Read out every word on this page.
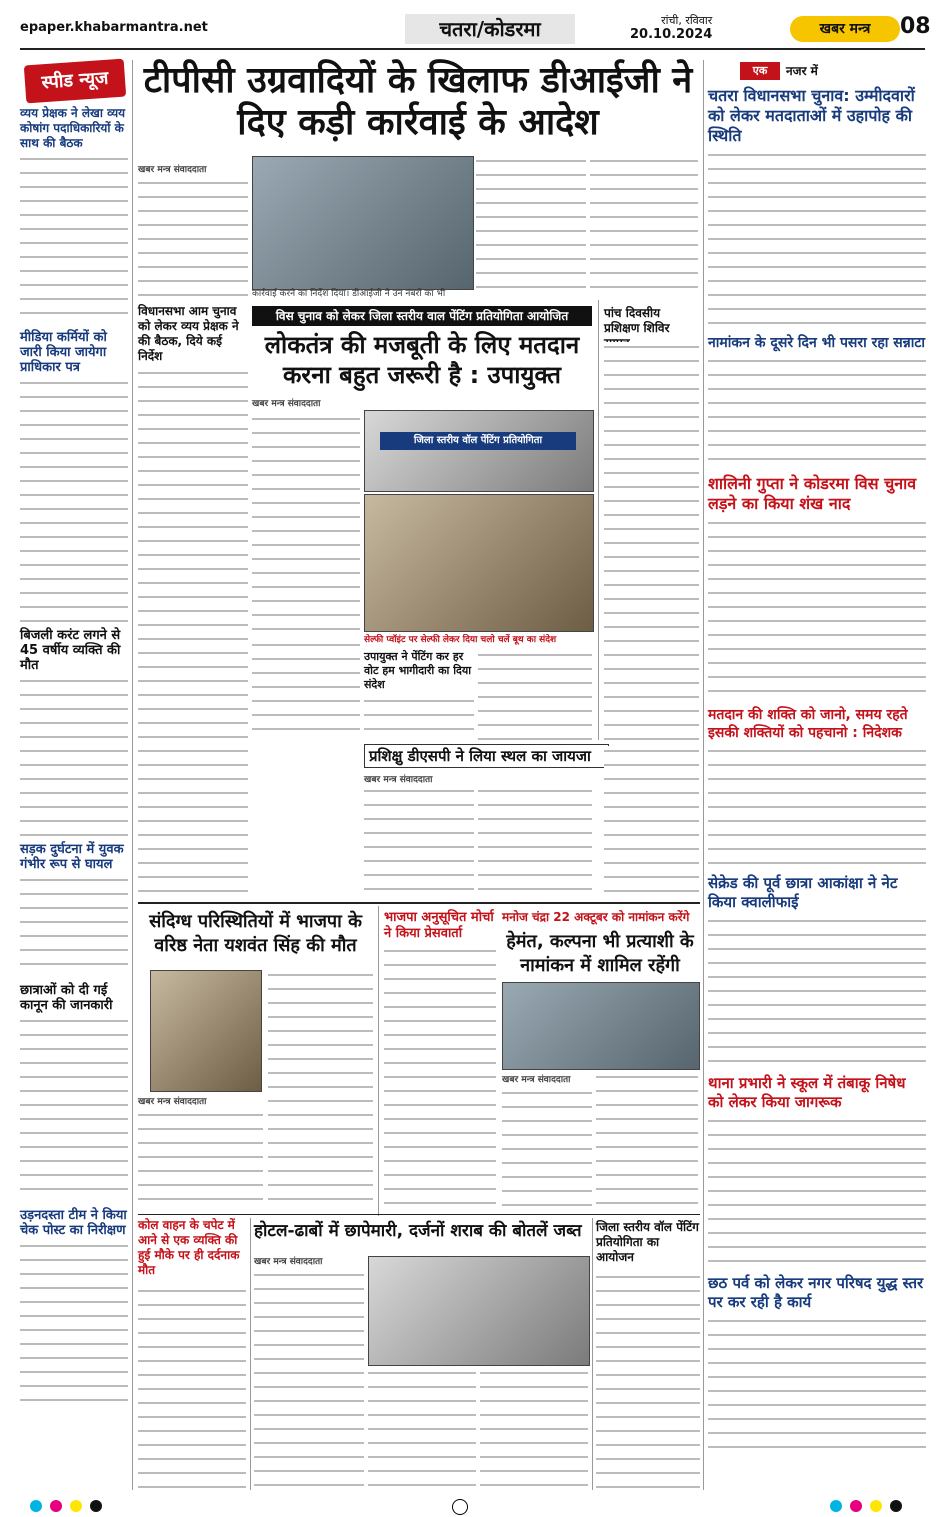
epaper.khabarmantra.net	चतरा/कोडरमा	रांची, रविवार
20.10.2024	खबर मन्त्र	08
स्पीड न्यूज
व्यय प्रेक्षक ने लेखा व्यय कोषांग पदाधिकारियों के साथ की बैठक
मीडिया कर्मियों को जारी किया जायेगा प्राधिकार पत्र
बिजली करंट लगने से 45 वर्षीय व्यक्ति की मौत
सड़क दुर्घटना में युवक गंभीर रूप से घायल
छात्राओं को दी गई कानून की जानकारी
उड़नदस्ता टीम ने किया चेक पोस्ट का निरीक्षण
टीपीसी उग्रवादियों के खिलाफ डीआईजी ने दिए कड़ी कार्रवाई के आदेश
खबर मन्त्र संवाददाता
कार्रवाई करने का निर्देश दिया। डीआईजी ने उन नंबरों का भी
विधानसभा आम चुनाव को लेकर व्यय प्रेक्षक ने की बैठक, दिये कई निर्देश
विस चुनाव को लेकर जिला स्तरीय वाल पेंटिंग प्रतियोगिता आयोजित
लोकतंत्र की मजबूती के लिए मतदान करना बहुत जरूरी है : उपायुक्त
खबर मन्त्र संवाददाता
जिला स्तरीय वॉल पेंटिंग प्रतियोगिता
सेल्फी प्वॉइंट पर सेल्फी लेकर दिया चलो चलें बूथ का संदेश
उपायुक्त ने पेंटिंग कर हर वोट हम भागीदारी का दिया संदेश
पांच दिवसीय प्रशिक्षण शिविर
प्रशिक्षु डीएसपी ने लिया स्थल का जायजा
खबर मन्त्र संवाददाता
संदिग्ध परिस्थितियों में भाजपा के वरिष्ठ नेता यशवंत सिंह की मौत
खबर मन्त्र संवाददाता
भाजपा अनुसूचित मोर्चा ने किया प्रेसवार्ता
मनोज चंद्रा 22 अक्टूबर को नामांकन करेंगे
हेमंत, कल्पना भी प्रत्याशी के नामांकन में शामिल रहेंगी
खबर मन्त्र संवाददाता
कोल वाहन के चपेट में आने से एक व्यक्ति की हुई मौके पर ही दर्दनाक मौत
होटल-ढाबों में छापेमारी, दर्जनों शराब की बोतलें जब्त
खबर मन्त्र संवाददाता
जिला स्तरीय वॉल पेंटिंग प्रतियोगिता का आयोजन
एक	नजर में
चतरा विधानसभा चुनाव: उम्मीदवारों को लेकर मतदाताओं में उहापोह की स्थिति
नामांकन के दूसरे दिन भी पसरा रहा सन्नाटा
शालिनी गुप्ता ने कोडरमा विस चुनाव लड़ने का किया शंख नाद
मतदान की शक्ति को जानो, समय रहते इसकी शक्तियों को पहचानो : निदेशक
सेक्रेड की पूर्व छात्रा आकांक्षा ने नेट किया क्वालीफाई
थाना प्रभारी ने स्कूल में तंबाकू निषेध को लेकर किया जागरूक
छठ पर्व को लेकर नगर परिषद युद्ध स्तर पर कर रही है कार्य
